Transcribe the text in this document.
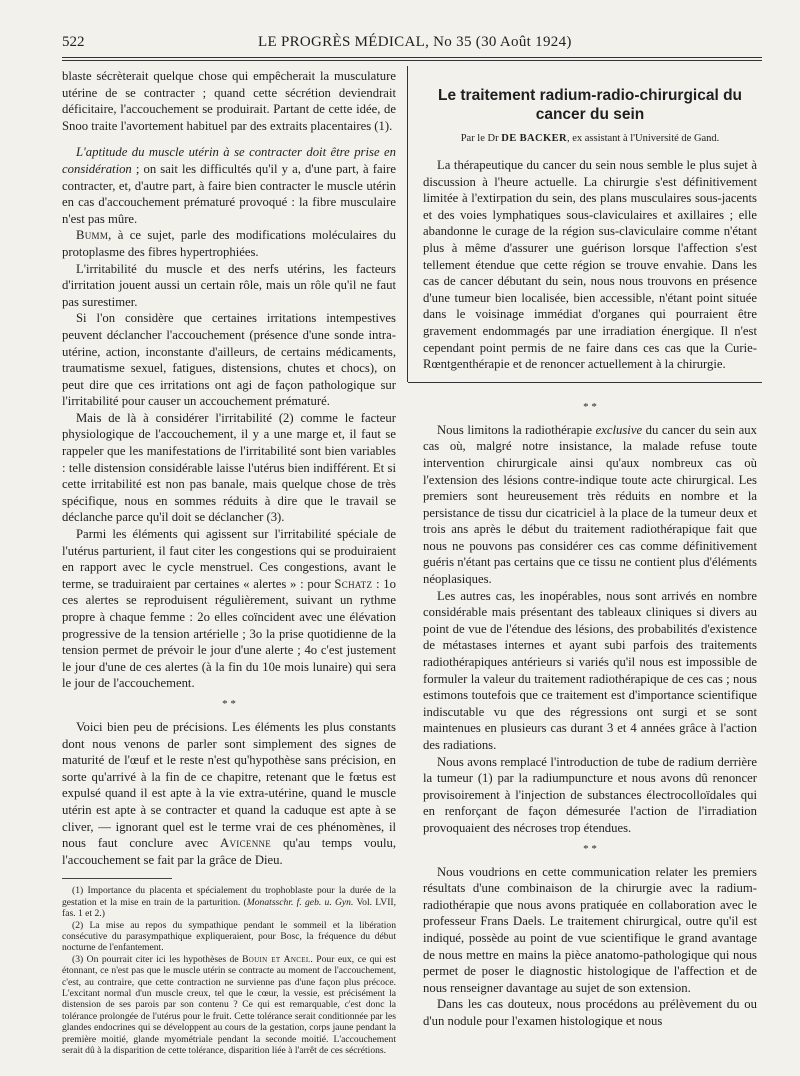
522	LE PROGRÈS MÉDICAL, No 35 (30 Août 1924)

blaste sécrèterait quelque chose qui empêcherait la musculature utérine de se contracter ; quand cette sécrétion deviendrait déficitaire, l'accouchement se produirait. Partant de cette idée, de Snoo traite l'avortement habituel par des extraits placentaires (1).

L'aptitude du muscle utérin à se contracter doit être prise en considération ; on sait les difficultés qu'il y a, d'une part, à faire contracter, et, d'autre part, à faire bien contracter le muscle utérin en cas d'accouchement prématuré provoqué : la fibre musculaire n'est pas mûre.

Bumm, à ce sujet, parle des modifications moléculaires du protoplasme des fibres hypertrophiées.

L'irritabilité du muscle et des nerfs utérins, les facteurs d'irritation jouent aussi un certain rôle, mais un rôle qu'il ne faut pas surestimer.

Si l'on considère que certaines irritations intempestives peuvent déclancher l'accouchement (présence d'une sonde intra-utérine, action, inconstante d'ailleurs, de certains médicaments, traumatisme sexuel, fatigues, distensions, chutes et chocs), on peut dire que ces irritations ont agi de façon pathologique sur l'irritabilité pour causer un accouchement prématuré.

Mais de là à considérer l'irritabilité (2) comme le facteur physiologique de l'accouchement, il y a une marge et, il faut se rappeler que les manifestations de l'irritabilité sont bien variables : telle distension considérable laisse l'utérus bien indifférent. Et si cette irritabilité est non pas banale, mais quelque chose de très spécifique, nous en sommes réduits à dire que le travail se déclanche parce qu'il doit se déclancher (3).

Parmi les éléments qui agissent sur l'irritabilité spéciale de l'utérus parturient, il faut citer les congestions qui se produiraient en rapport avec le cycle menstruel. Ces congestions, avant le terme, se traduiraient par certaines « alertes » : pour Schatz : 1o ces alertes se reproduisent régulièrement, suivant un rythme propre à chaque femme : 2o elles coïncident avec une élévation progressive de la tension artérielle ; 3o la prise quotidienne de la tension permet de prévoir le jour d'une alerte ; 4o c'est justement le jour d'une de ces alertes (à la fin du 10e mois lunaire) qui sera le jour de l'accouchement.

* *

Voici bien peu de précisions. Les éléments les plus constants dont nous venons de parler sont simplement des signes de maturité de l'œuf et le reste n'est qu'hypothèse sans précision, en sorte qu'arrivé à la fin de ce chapitre, retenant que le fœtus est expulsé quand il est apte à la vie extra-utérine, quand le muscle utérin est apte à se contracter et quand la caduque est apte à se cliver, — ignorant quel est le terme vrai de ces phénomènes, il nous faut conclure avec Avicenne qu'au temps voulu, l'accouchement se fait par la grâce de Dieu.

(1) Importance du placenta et spécialement du trophoblaste pour la durée de la gestation et la mise en train de la parturition. (Monatsschr. f. geb. u. Gyn. Vol. LVII, fas. 1 et 2.)

(2) La mise au repos du sympathique pendant le sommeil et la libération consécutive du parasympathique expliqueraient, pour Bosc, la fréquence du début nocturne de l'enfantement.

(3) On pourrait citer ici les hypothèses de Bouin et Ancel. Pour eux, ce qui est étonnant, ce n'est pas que le muscle utérin se contracte au moment de l'accouchement, c'est, au contraire, que cette contraction ne survienne pas d'une façon plus précoce. L'excitant normal d'un muscle creux, tel que le cœur, la vessie, est précisément la distension de ses parois par son contenu ? Ce qui est remarquable, c'est donc la tolérance prolongée de l'utérus pour le fruit. Cette tolérance serait conditionnée par les glandes endocrines qui se développent au cours de la gestation, corps jaune pendant la première moitié, glande myométriale pendant la seconde moitié. L'accouchement serait dû à la disparition de cette tolérance, disparition liée à l'arrêt de ces sécrétions.

Le traitement radium-radio-chirurgical du cancer du sein
Par le Dr DE BACKER, ex assistant à l'Université de Gand.

La thérapeutique du cancer du sein nous semble le plus sujet à discussion à l'heure actuelle. La chirurgie s'est définitivement limitée à l'extirpation du sein, des plans musculaires sous-jacents et des voies lymphatiques sous-claviculaires et axillaires ; elle abandonne le curage de la région sus-claviculaire comme n'étant plus à même d'assurer une guérison lorsque l'affection s'est tellement étendue que cette région se trouve envahie. Dans les cas de cancer débutant du sein, nous nous trouvons en présence d'une tumeur bien localisée, bien accessible, n'étant point située dans le voisinage immédiat d'organes qui pourraient être gravement endommagés par une irradiation énergique. Il n'est cependant point permis de ne faire dans ces cas que la Curie-Rœntgenthérapie et de renoncer actuellement à la chirurgie.

* *

Nous limitons la radiothérapie exclusive du cancer du sein aux cas où, malgré notre insistance, la malade refuse toute intervention chirurgicale ainsi qu'aux nombreux cas où l'extension des lésions contre-indique toute acte chirurgical. Les premiers sont heureusement très réduits en nombre et la persistance de tissu dur cicatriciel à la place de la tumeur deux et trois ans après le début du traitement radiothérapique fait que nous ne pouvons pas considérer ces cas comme définitivement guéris n'étant pas certains que ce tissu ne contient plus d'éléments néoplasiques.

Les autres cas, les inopérables, nous sont arrivés en nombre considérable mais présentant des tableaux cliniques si divers au point de vue de l'étendue des lésions, des probabilités d'existence de métastases internes et ayant subi parfois des traitements radiothérapiques antérieurs si variés qu'il nous est impossible de formuler la valeur du traitement radiothérapique de ces cas ; nous estimons toutefois que ce traitement est d'importance scientifique indiscutable vu que des régressions ont surgi et se sont maintenues en plusieurs cas durant 3 et 4 années grâce à l'action des radiations.

Nous avons remplacé l'introduction de tube de radium derrière la tumeur (1) par la radiumpuncture et nous avons dû renoncer provisoirement à l'injection de substances électrocolloïdales qui en renforçant de façon démesurée l'action de l'irradiation provoquaient des nécroses trop étendues.

* *

Nous voudrions en cette communication relater les premiers résultats d'une combinaison de la chirurgie avec la radium-radiothérapie que nous avons pratiquée en collaboration avec le professeur Frans Daels. Le traitement chirurgical, outre qu'il est indiqué, possède au point de vue scientifique le grand avantage de nous mettre en mains la pièce anatomo-pathologique qui nous permet de poser le diagnostic histologique de l'affection et de nous renseigner davantage au sujet de son extension.

Dans les cas douteux, nous procédons au prélèvement du ou d'un nodule pour l'examen histologique et nous
